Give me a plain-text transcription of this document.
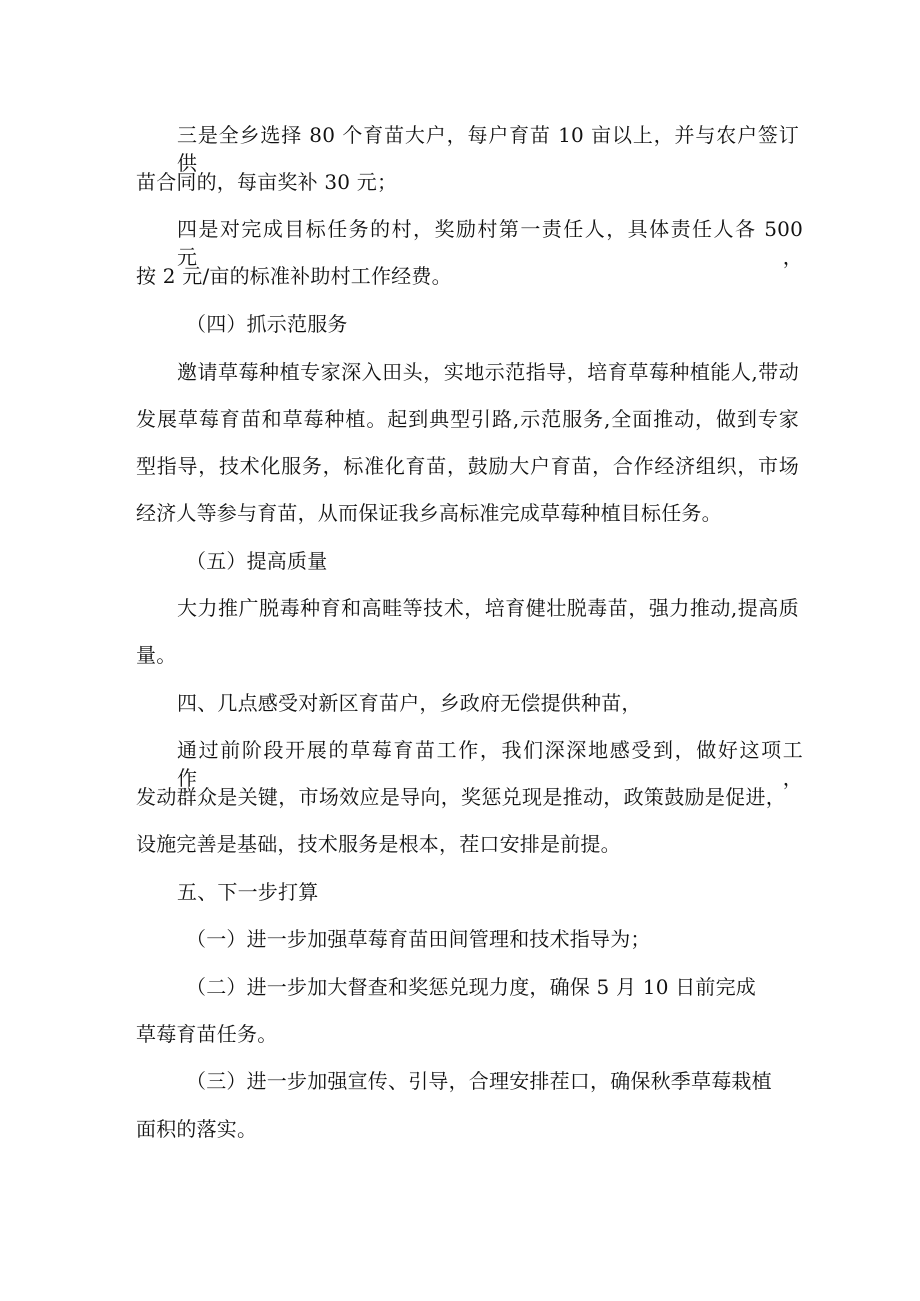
三是全乡选择 80 个育苗大户，每户育苗 10 亩以上，并与农户签订供
苗合同的，每亩奖补 30 元；
四是对完成目标任务的村，奖励村第一责任人，具体责任人各 500 元，
按 2 元/亩的标准补助村工作经费。
（四）抓示范服务
邀请草莓种植专家深入田头，实地示范指导，培育草莓种植能人,带动
发展草莓育苗和草莓种植。起到典型引路,示范服务,全面推动，做到专家
型指导，技术化服务，标准化育苗，鼓励大户育苗，合作经济组织，市场
经济人等参与育苗，从而保证我乡高标准完成草莓种植目标任务。
（五）提高质量
大力推广脱毒种育和高畦等技术，培育健壮脱毒苗，强力推动,提高质
量。
四、几点感受对新区育苗户，乡政府无偿提供种苗，
通过前阶段开展的草莓育苗工作，我们深深地感受到，做好这项工作，
发动群众是关键，市场效应是导向，奖惩兑现是推动，政策鼓励是促进，
设施完善是基础，技术服务是根本，茬口安排是前提。
五、下一步打算
（一）进一步加强草莓育苗田间管理和技术指导为；
（二）进一步加大督查和奖惩兑现力度，确保 5 月 10 日前完成
草莓育苗任务。
（三）进一步加强宣传、引导，合理安排茬口，确保秋季草莓栽植
面积的落实。
